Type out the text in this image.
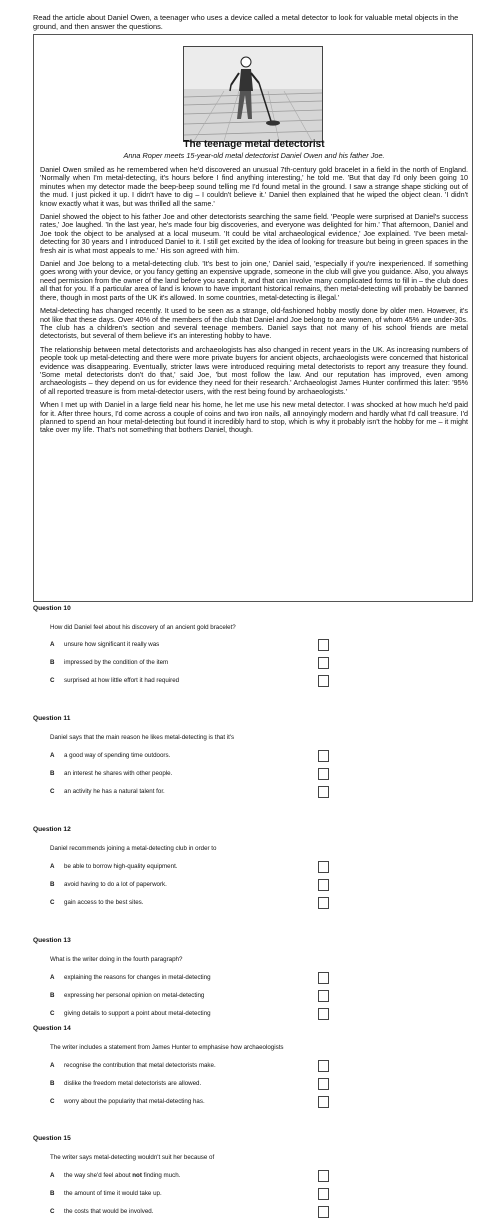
Read the article about Daniel Owen, a teenager who uses a device called a metal detector to look for valuable metal objects in the ground, and then answer the questions.
The teenage metal detectorist
Anna Roper meets 15-year-old metal detectorist Daniel Owen and his father Joe.

Daniel Owen smiled as he remembered when he'd discovered an unusual 7th-century gold bracelet in a field in the north of England. 'Normally when I'm metal-detecting, it's hours before I find anything interesting,' he told me. 'But that day I'd only been going 10 minutes when my detector made the beep-beep sound telling me I'd found metal in the ground. I saw a strange shape sticking out of the mud. I just picked it up. I didn't have to dig – I couldn't believe it.' Daniel then explained that he wiped the object clean. 'I didn't know exactly what it was, but was thrilled all the same.'

Daniel showed the object to his father Joe and other detectorists searching the same field. 'People were surprised at Daniel's success rates,' Joe laughed. 'In the last year, he's made four big discoveries, and everyone was delighted for him.' That afternoon, Daniel and Joe took the object to be analysed at a local museum. 'It could be vital archaeological evidence,' Joe explained. 'I've been metal-detecting for 30 years and I introduced Daniel to it. I still get excited by the idea of looking for treasure but being in green spaces in the fresh air is what most appeals to me.' His son agreed with him.

Daniel and Joe belong to a metal-detecting club. 'It's best to join one,' Daniel said, 'especially if you're inexperienced. If something goes wrong with your device, or you fancy getting an expensive upgrade, someone in the club will give you guidance. Also, you always need permission from the owner of the land before you search it, and that can involve many complicated forms to fill in – the club does all that for you. If a particular area of land is known to have important historical remains, then metal-detecting will probably be banned there, though in most parts of the UK it's allowed. In some countries, metal-detecting is illegal.'

Metal-detecting has changed recently. It used to be seen as a strange, old-fashioned hobby mostly done by older men. However, it's not like that these days. Over 40% of the members of the club that Daniel and Joe belong to are women, of whom 45% are under-30s. The club has a children's section and several teenage members. Daniel says that not many of his school friends are metal detectorists, but several of them believe it's an interesting hobby to have.

The relationship between metal detectorists and archaeologists has also changed in recent years in the UK. As increasing numbers of people took up metal-detecting and there were more private buyers for ancient objects, archaeologists were concerned that historical evidence was disappearing. Eventually, stricter laws were introduced requiring metal detectorists to report any treasure they found. 'Some metal detectorists don't do that,' said Joe, 'but most follow the law. And our reputation has improved, even among archaeologists – they depend on us for evidence they need for their research.' Archaeologist James Hunter confirmed this later: '95% of all reported treasure is from metal-detector users, with the rest being found by archaeologists.'

When I met up with Daniel in a large field near his home, he let me use his new metal detector. I was shocked at how much he'd paid for it. After three hours, I'd come across a couple of coins and two iron nails, all annoyingly modern and hardly what I'd call treasure. I'd planned to spend an hour metal-detecting but found it incredibly hard to stop, which is why it probably isn't the hobby for me – it might take over my life. That's not something that bothers Daniel, though.

Question 10
How did Daniel feel about his discovery of an ancient gold bracelet?
A unsure how significant it really was
B impressed by the condition of the item
C surprised at how little effort it had required
Question 11
Daniel says that the main reason he likes metal-detecting is that it's
A a good way of spending time outdoors.
B an interest he shares with other people.
C an activity he has a natural talent for.
Question 12
Daniel recommends joining a metal-detecting club in order to
A be able to borrow high-quality equipment.
B avoid having to do a lot of paperwork.
C gain access to the best sites.
Question 13
What is the writer doing in the fourth paragraph?
A explaining the reasons for changes in metal-detecting
B expressing her personal opinion on metal-detecting
C giving details to support a point about metal-detecting
Question 14
The writer includes a statement from James Hunter to emphasise how archaeologists
A recognise the contribution that metal detectorists make.
B dislike the freedom metal detectorists are allowed.
C worry about the popularity that metal-detecting has.
Question 15
The writer says metal-detecting wouldn't suit her because of
A the way she'd feel about not finding much.
B the amount of time it would take up.
C the costs that would be involved.
